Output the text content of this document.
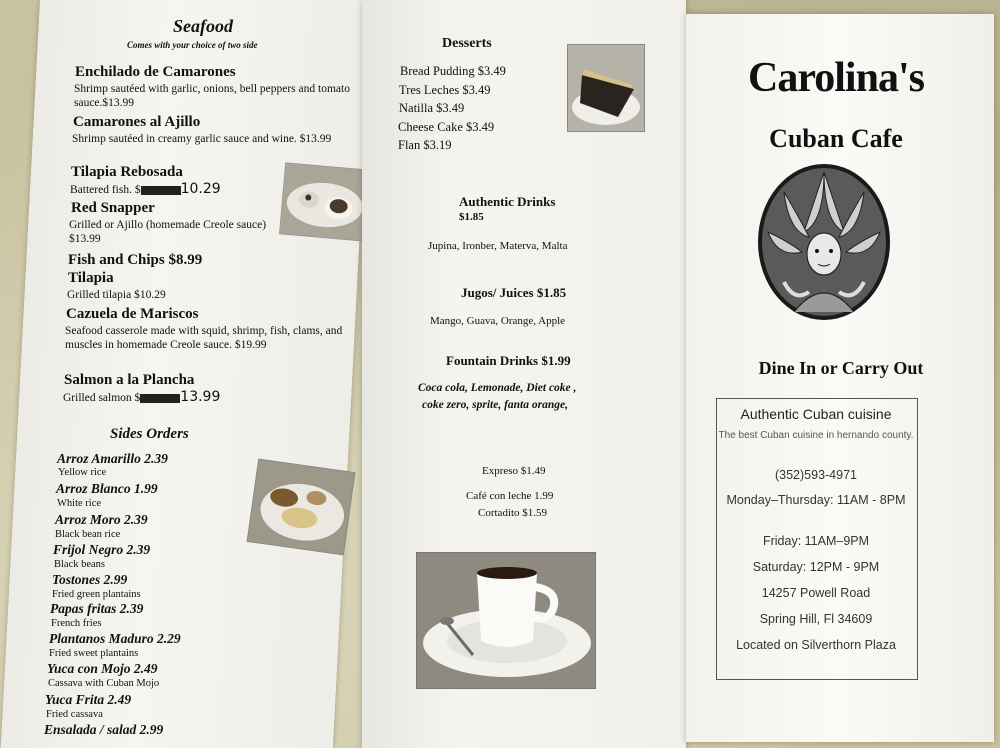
Seafood
Comes with your choice of two side
Enchilado de Camarones
Shrimp sautéed with garlic, onions, bell peppers and tomato sauce.$13.99
Camarones al Ajillo
Shrimp sautéed in creamy garlic sauce and wine. $13.99
Tilapia Rebosada
Battered fish. $	10.29
Red Snapper
Grilled or Ajillo (homemade Creole sauce) $13.99
Fish and Chips $8.99
Tilapia
Grilled tilapia $10.29
Cazuela de Mariscos
Seafood casserole made with squid, shrimp, fish, clams, and muscles in homemade Creole sauce. $19.99
Salmon a la Plancha
Grilled salmon $	13.99
Sides Orders
Arroz Amarillo 2.39
Yellow rice
Arroz Blanco 1.99
White rice
Arroz Moro 2.39
Black bean rice
Frijol Negro 2.39
Black beans
Tostones 2.99
Fried green plantains
Papas fritas 2.39
French fries
Plantanos Maduro 2.29
Fried sweet plantains
Yuca con Mojo 2.49
Cassava with Cuban Mojo
Yuca Frita 2.49
Fried cassava
Ensalada / salad 2.99
Desserts
Bread Pudding $3.49
Tres Leches $3.49
Natilla $3.49
Cheese Cake $3.49
Flan $3.19
Authentic Drinks
$1.85
Jupina, Ironber, Materva, Malta
Jugos/ Juices $1.85
Mango, Guava, Orange, Apple
Fountain Drinks $1.99
Coca cola, Lemonade, Diet coke ,
coke zero, sprite, fanta orange,
Expreso $1.49
Café con leche 1.99
Cortadito $1.59
Carolina's
Cuban Cafe
Dine In or Carry Out
Authentic Cuban cuisine
The best Cuban cuisine in hernando county.
(352)593-4971
Monday–Thursday: 11AM - 8PM
Friday: 11AM–9PM
Saturday: 12PM - 9PM
14257 Powell Road
Spring Hill, Fl 34609
Located on Silverthorn Plaza
